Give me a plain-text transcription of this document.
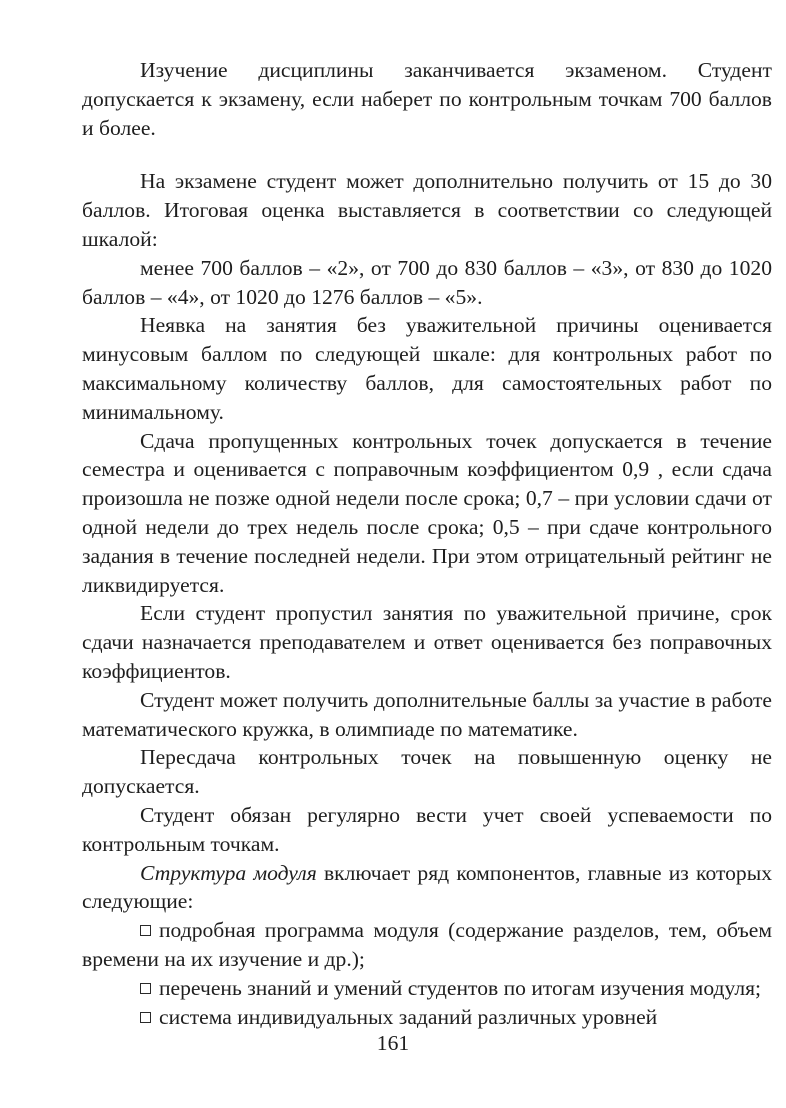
Изучение дисциплины заканчивается экзаменом. Студент допускается к экзамену, если наберет по контрольным точкам 700 баллов и более.

На экзамене студент может дополнительно получить от 15 до 30 баллов. Итоговая оценка выставляется в соответствии со следующей шкалой:

менее 700 баллов – «2», от 700 до 830 баллов – «3», от 830 до 1020 баллов – «4», от 1020 до 1276 баллов – «5».

Неявка на занятия без уважительной причины оценивается минусовым баллом по следующей шкале: для контрольных работ по максимальному количеству баллов, для самостоятельных работ по минимальному.

Сдача пропущенных контрольных точек допускается в течение семестра и оценивается с поправочным коэффициентом 0,9 , если сдача произошла не позже одной недели после срока; 0,7 – при условии сдачи от одной недели до трех недель после срока; 0,5 – при сдаче контрольного задания в течение последней недели. При этом отрицательный рейтинг не ликвидируется.

Если студент пропустил занятия по уважительной причине, срок сдачи назначается преподавателем и ответ оценивается без поправочных коэффициентов.

Студент может получить дополнительные баллы за участие в работе математического кружка, в олимпиаде по математике.

Пересдача контрольных точек на повышенную оценку не допускается.

Студент обязан регулярно вести учет своей успеваемости по контрольным точкам.

Структура модуля включает ряд компонентов, главные из которых следующие:

подробная программа модуля (содержание разделов, тем, объем времени на их изучение и др.);

перечень знаний и умений студентов по итогам изучения модуля;

система индивидуальных заданий различных уровней

161
